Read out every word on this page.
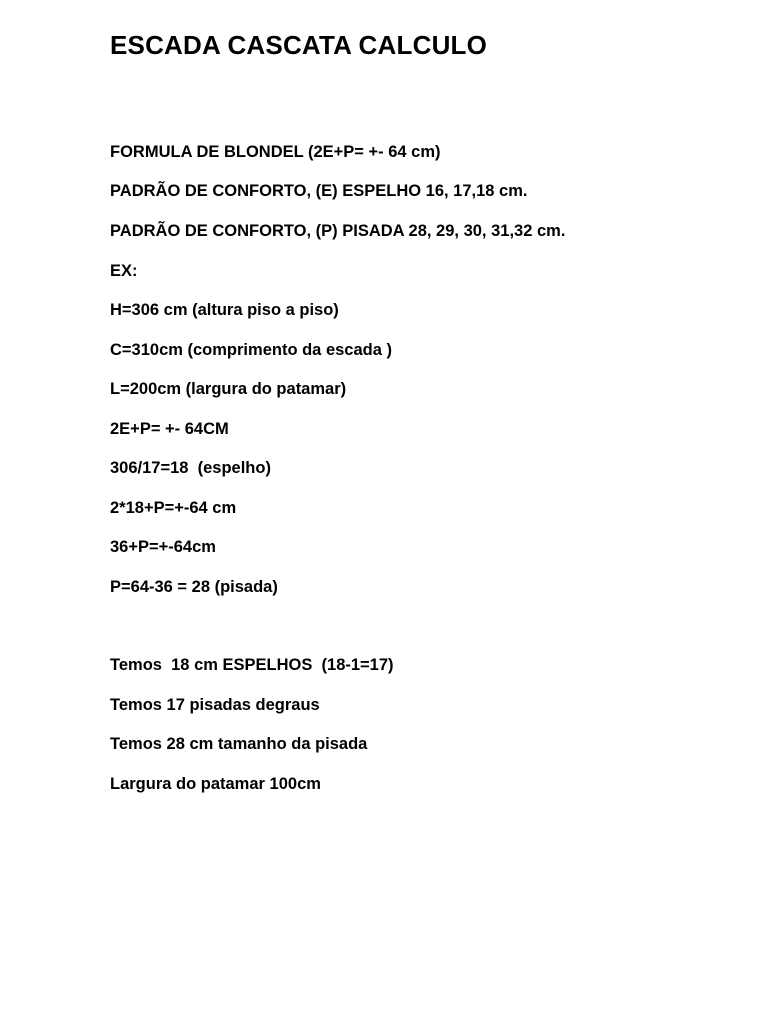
ESCADA CASCATA CALCULO
FORMULA DE BLONDEL (2E+P= +- 64 cm)
PADRÃO DE CONFORTO, (E) ESPELHO 16, 17,18 cm.
PADRÃO DE CONFORTO, (P) PISADA 28, 29, 30, 31,32 cm.
EX:
H=306 cm (altura piso a piso)
C=310cm (comprimento da escada )
L=200cm (largura do patamar)
2E+P= +- 64CM
306/17=18  (espelho)
2*18+P=+-64 cm
36+P=+-64cm
P=64-36 = 28 (pisada)
Temos  18 cm ESPELHOS  (18-1=17)
Temos 17 pisadas degraus
Temos 28 cm tamanho da pisada
Largura do patamar 100cm
